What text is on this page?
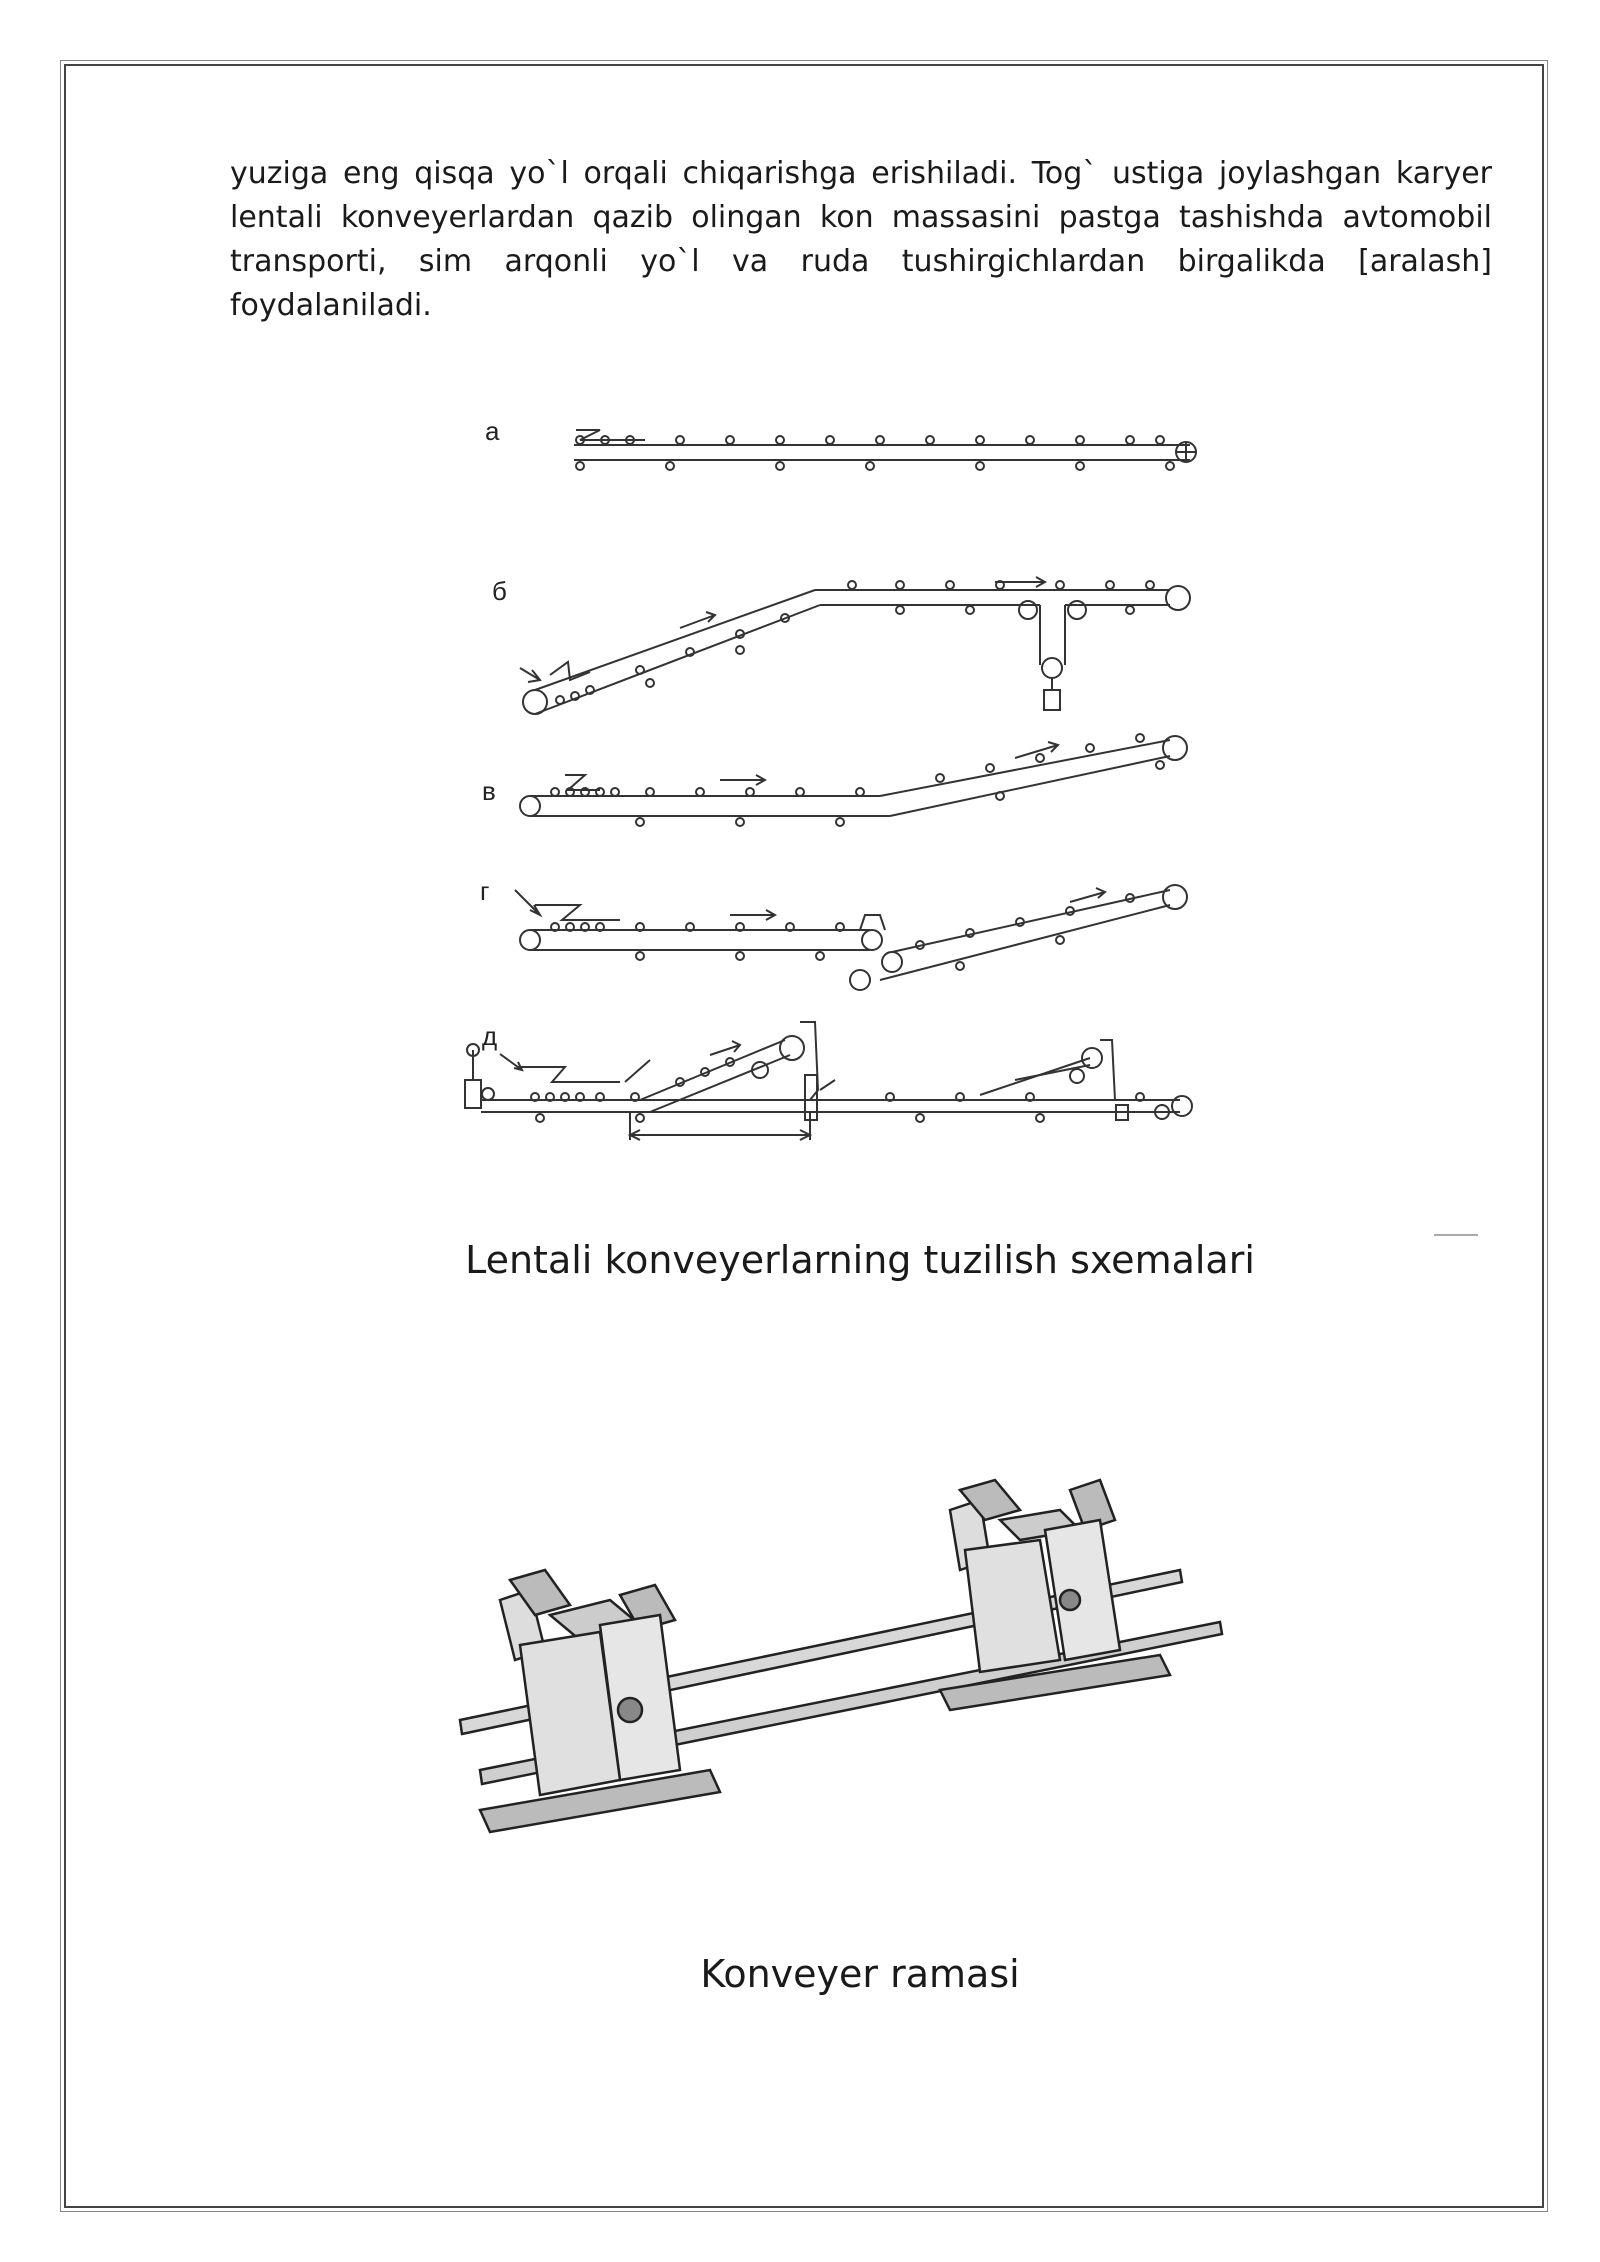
yuziga eng qisqa yo`l orqali chiqarishga erishiladi. Tog` ustiga joylashgan karyer
lentali konveyerlardan qazib olingan kon massasini pastga tashishda avtomobil
transporti, sim arqonli yo`l va ruda tushirgichlardan birgalikda [aralash]
foydalaniladi.
а
б
в
г
д
Lentali konveyerlarning tuzilish sxemalari
Konveyer ramasi
